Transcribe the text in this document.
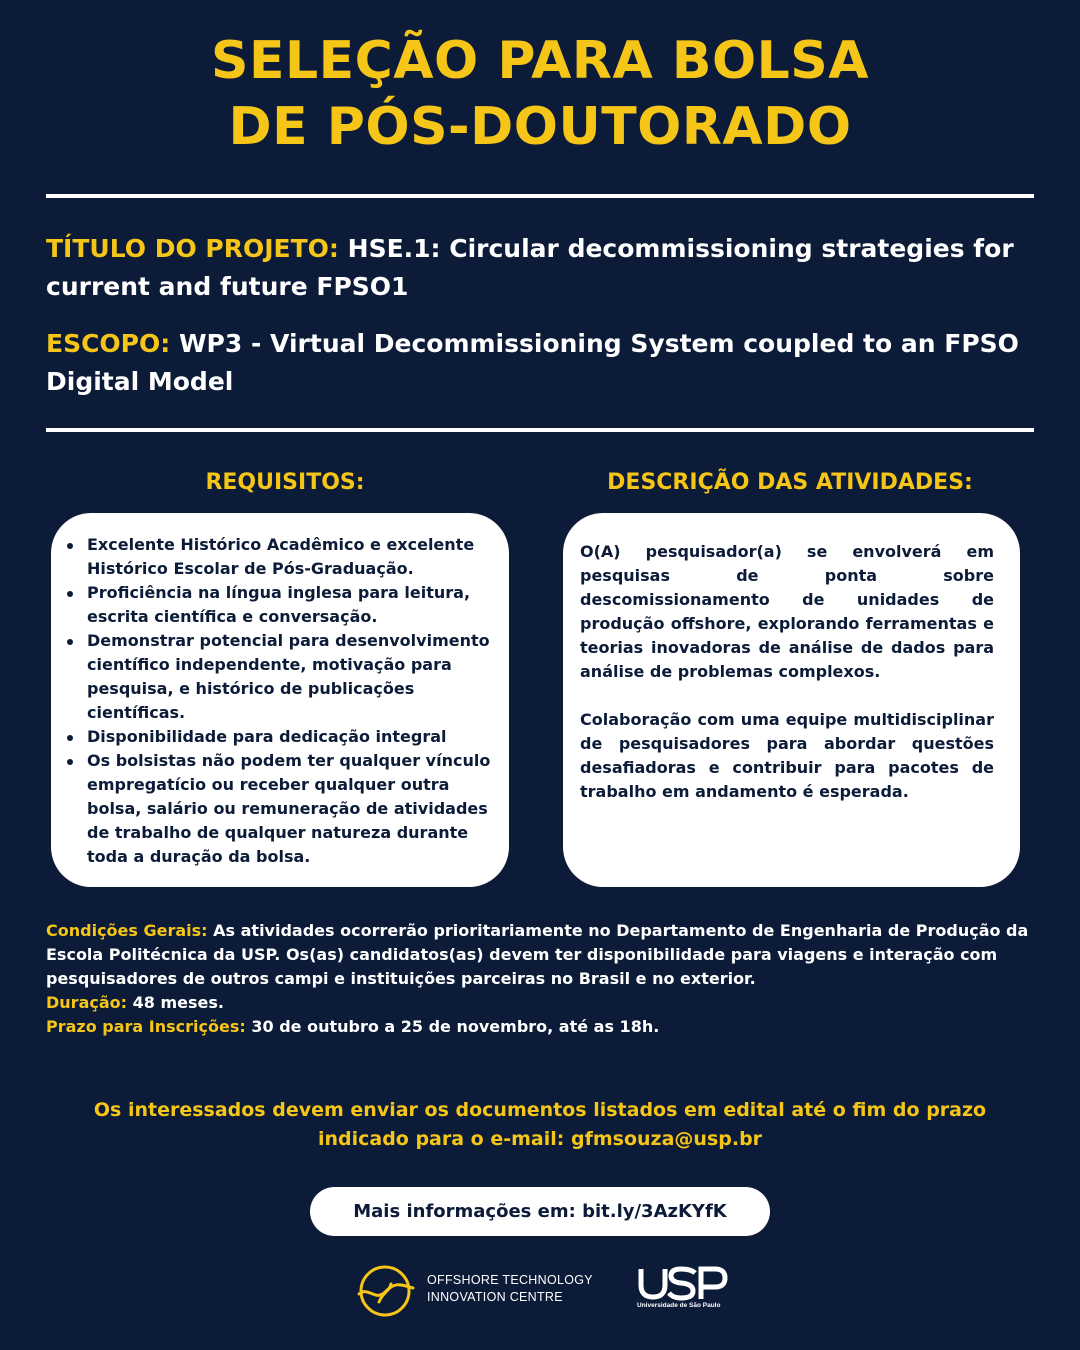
SELEÇÃO PARA BOLSA
DE PÓS-DOUTORADO
TÍTULO DO PROJETO: HSE.1: Circular decommissioning strategies for current and future FPSO1
ESCOPO: WP3 - Virtual Decommissioning System coupled to an FPSO Digital Model
REQUISITOS:	DESCRIÇÃO DAS ATIVIDADES:
Excelente Histórico Acadêmico e excelente Histórico Escolar de Pós-Graduação.
Proficiência na língua inglesa para leitura, escrita científica e conversação.
Demonstrar potencial para desenvolvimento científico independente, motivação para pesquisa, e histórico de publicações científicas.
Disponibilidade para dedicação integral
Os bolsistas não podem ter qualquer vínculo empregatício ou receber qualquer outra bolsa, salário ou remuneração de atividades de trabalho de qualquer natureza durante toda a duração da bolsa.

O(A) pesquisador(a) se envolverá em pesquisas de ponta sobre descomissionamento de unidades de produção offshore, explorando ferramentas e teorias inovadoras de análise de dados para análise de problemas complexos.

Colaboração com uma equipe multidisciplinar de pesquisadores para abordar questões desafiadoras e contribuir para pacotes de trabalho em andamento é esperada.

Condições Gerais: As atividades ocorrerão prioritariamente no Departamento de Engenharia de Produção da Escola Politécnica da USP. Os(as) candidatos(as) devem ter disponibilidade para viagens e interação com pesquisadores de outros campi e instituições parceiras no Brasil e no exterior.

Duração: 48 meses.

Prazo para Inscrições: 30 de outubro a 25 de novembro, até as 18h.

Os interessados devem enviar os documentos listados em edital até o fim do prazo indicado para o e-mail: gfmsouza@usp.br
Mais informações em: bit.ly/3AzKYfK
OFFSHORE TECHNOLOGY
INNOVATION CENTRE
Universidade de São Paulo
